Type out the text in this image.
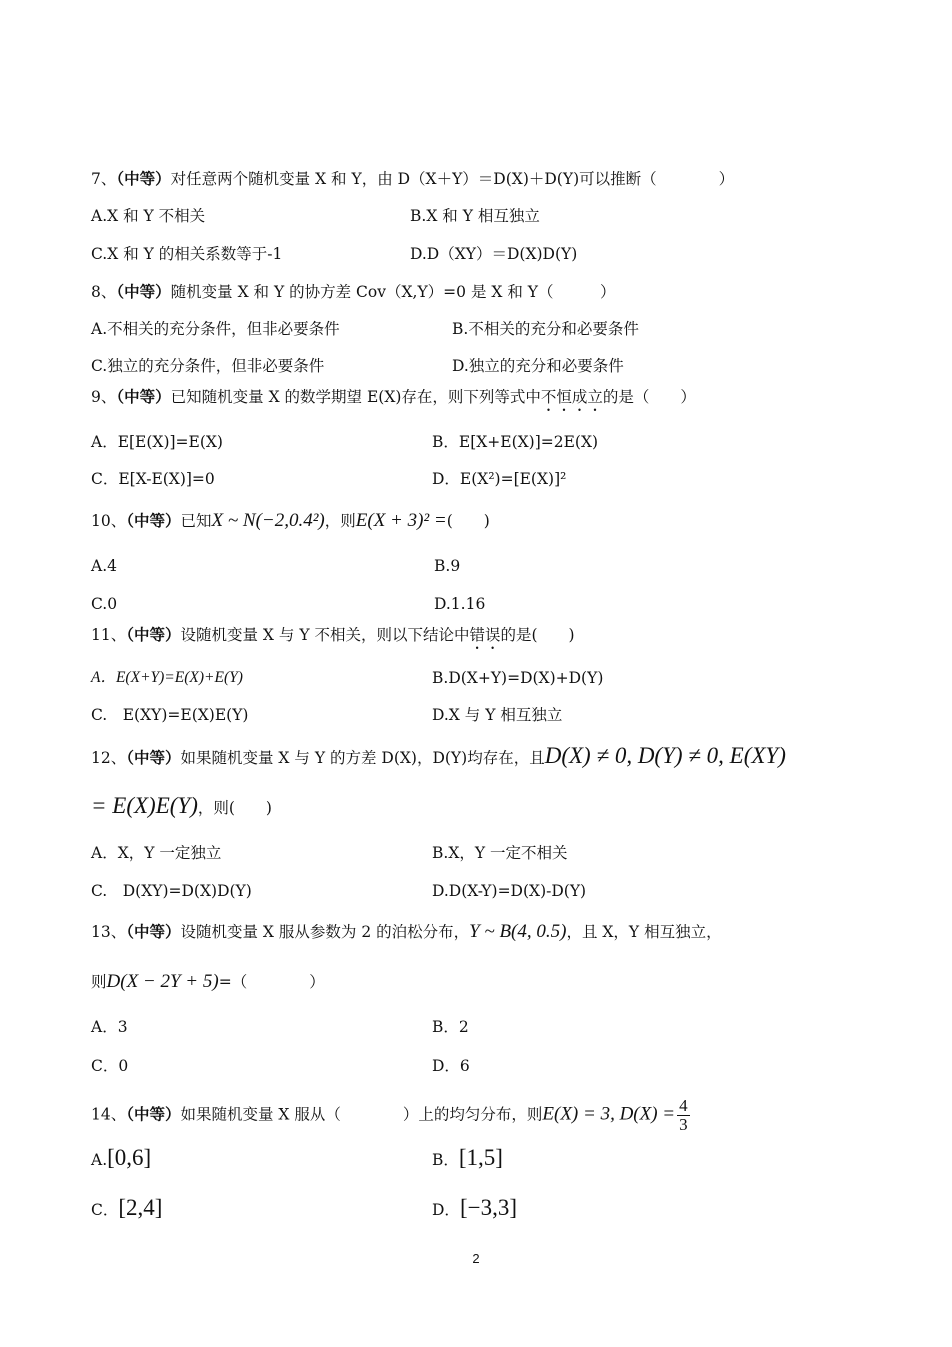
7、（中等）对任意两个随机变量 X 和 Y，由 D（X＋Y）＝D(X)＋D(Y)可以推断（　　　　）
A.X 和 Y 不相关	B.X 和 Y 相互独立
C.X 和 Y 的相关系数等于-1	D.D（XY）＝D(X)D(Y)
8、（中等）随机变量 X 和 Y 的协方差 Cov（X,Y）=0 是 X 和 Y（　　　）
A.不相关的充分条件，但非必要条件	B.不相关的充分和必要条件
C.独立的充分条件，但非必要条件	D.独立的充分和必要条件
9、（中等）已知随机变量 X 的数学期望 E(X)存在，则下列等式中不恒成立的是（　　）
A．E[E(X)]=E(X)	B．E[X+E(X)]=2E(X)
C．E[X-E(X)]=0	D．E(X²)=[E(X)]²
10、（中等）已知X ~ N(−2,0.4²)，则E(X + 3)² =(　　)
A.4	B.9
C.0	D.1.16
11、（中等）设随机变量 X 与 Y 不相关，则以下结论中错误的是(　　)
A．E(X+Y)=E(X)+E(Y)	B.D(X+Y)=D(X)+D(Y)
C.　E(XY)=E(X)E(Y)	D.X 与 Y 相互独立
12、（中等）如果随机变量 X 与 Y 的方差 D(X)，D(Y)均存在，且D(X) ≠ 0, D(Y) ≠ 0, E(XY)
= E(X)E(Y)，则(　　)
A．X，Y 一定独立	B.X，Y 一定不相关
C.　D(XY)=D(X)D(Y)	D.D(X-Y)=D(X)-D(Y)
13、（中等）设随机变量 X 服从参数为 2 的泊松分布，Y ~ B(4, 0.5)，且 X，Y 相互独立，
则D(X − 2Y + 5)=（　　　　）
A．3	B．2
C．0	D．6
14、（中等）如果随机变量 X 服从（　　　　）上的均匀分布，则E(X) = 3, $D(X) = \frac{4}{3}$
A.[0,6]	B．[1,5]
C．[2,4]	D．[−3,3]
2
